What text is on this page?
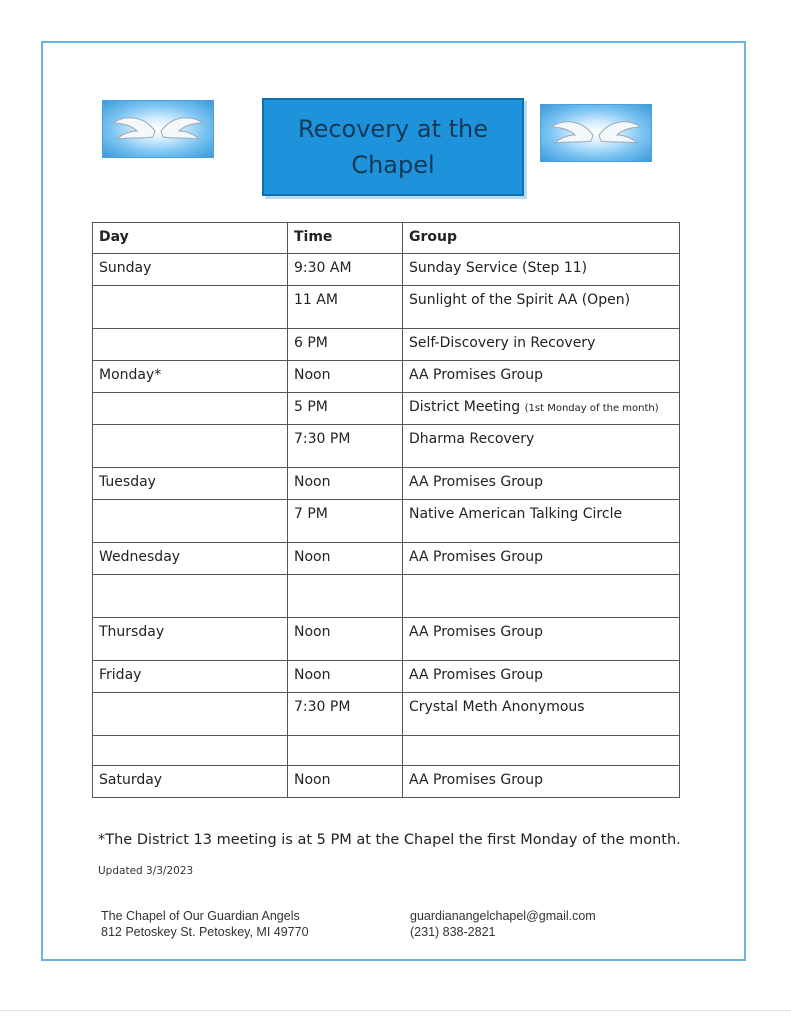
Recovery at the
Chapel
Day	Time	Group
Sunday	9:30 AM	Sunday Service (Step 11)
	11 AM	Sunlight of the Spirit AA (Open)
	6 PM	Self-Discovery in Recovery
Monday*	Noon	AA Promises Group
	5 PM	District Meeting (1st Monday of the month)
	7:30 PM	Dharma Recovery
Tuesday	Noon	AA Promises Group
	7 PM	Native American Talking Circle
Wednesday	Noon	AA Promises Group

Thursday	Noon	AA Promises Group
Friday	Noon	AA Promises Group
	7:30 PM	Crystal Meth Anonymous

Saturday	Noon	AA Promises Group
*The District 13 meeting is at 5 PM at the Chapel the first Monday of the month.
Updated 3/3/2023
The Chapel of Our Guardian Angels
812 Petoskey St. Petoskey, MI 49770
guardianangelchapel@gmail.com
(231) 838-2821
